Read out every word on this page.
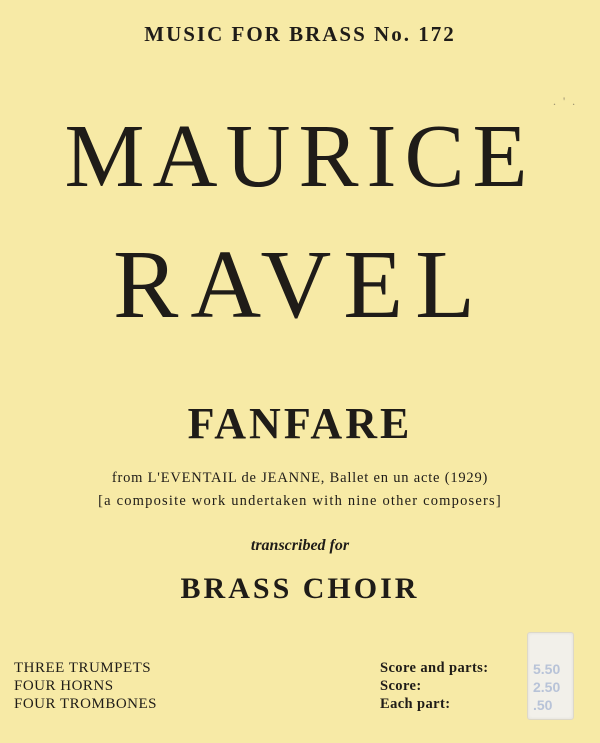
. ' .
MUSIC FOR BRASS No. 172
MAURICE
RAVEL
FANFARE
from L'EVENTAIL de JEANNE, Ballet en un acte (1929)
[a composite work undertaken with nine other composers]
transcribed for
BRASS CHOIR
THREE TRUMPETS
FOUR HORNS
FOUR TROMBONES
Score and parts:
Score:
Each part:
5.50
2.50
.50
